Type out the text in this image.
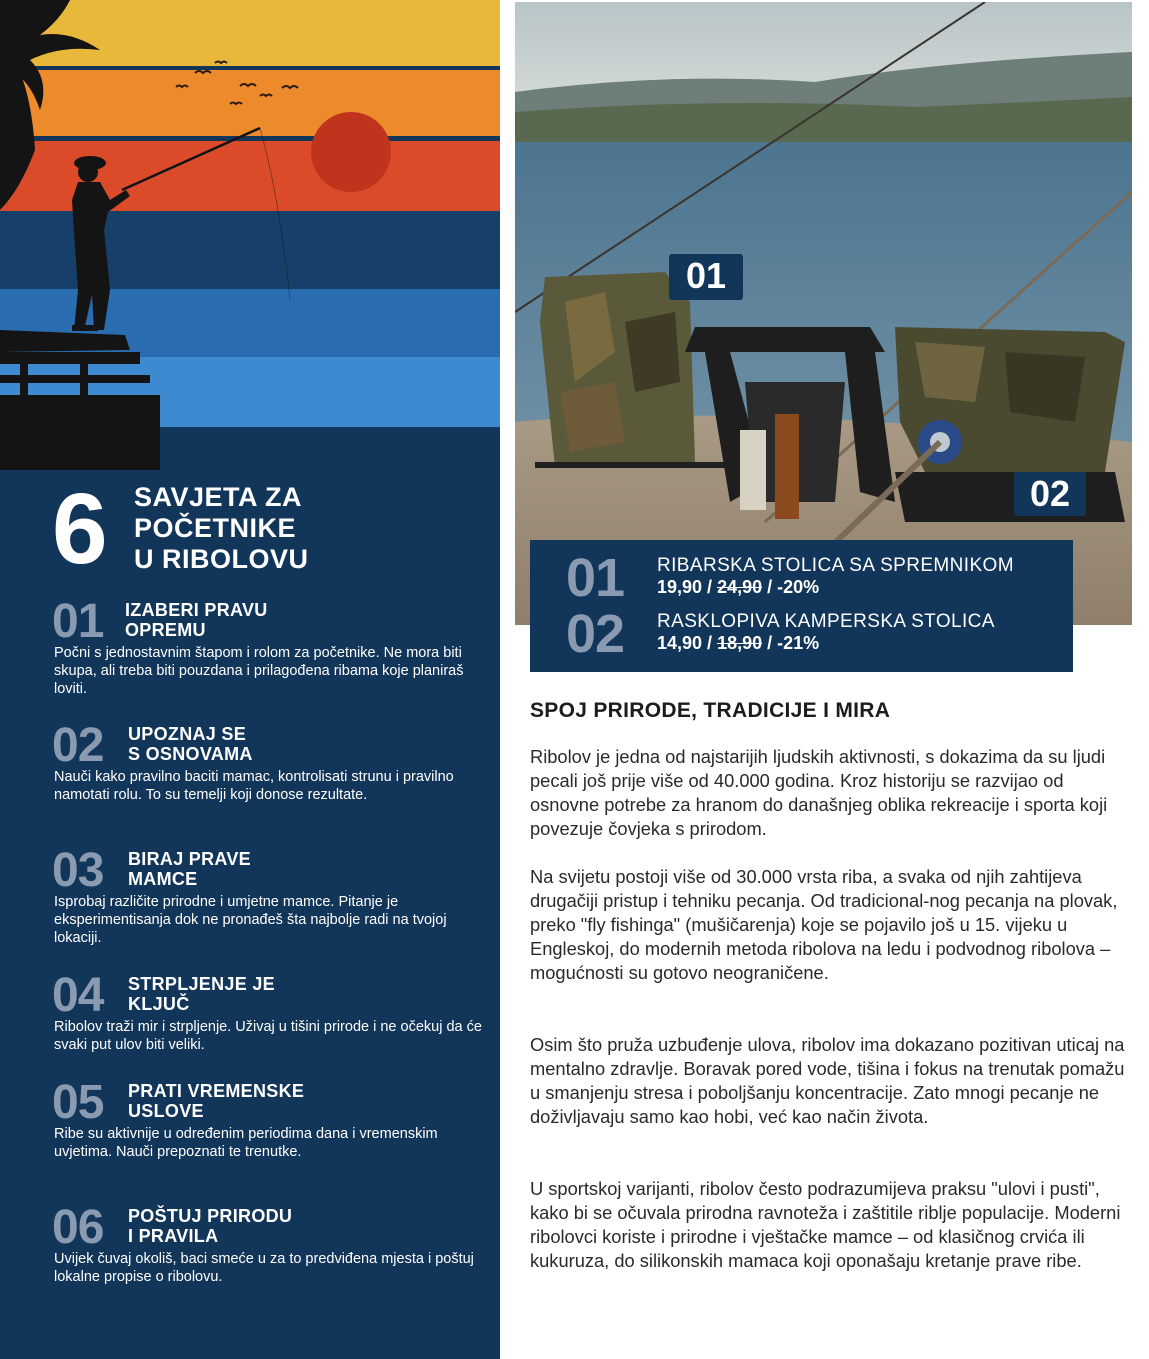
6 SAVJETA ZA
POČETNIKE
U RIBOLOVU
01 IZABERI PRAVU
OPREMU
Počni s jednostavnim štapom i rolom za početnike. Ne mora biti skupa, ali treba biti pouzdana i prilagođena ribama koje planiraš loviti.
02 UPOZNAJ SE
S OSNOVAMA
Nauči kako pravilno baciti mamac, kontrolisati strunu i pravilno namotati rolu. To su temelji koji donose rezultate.
03 BIRAJ PRAVE
MAMCE
Isprobaj različite prirodne i umjetne mamce. Pitanje je eksperimentisanja dok ne pronađeš šta najbolje radi na tvojoj lokaciji.
04 STRPLJENJE JE
KLJUČ
Ribolov traži mir i strpljenje. Uživaj u tišini prirode i ne očekuj da će svaki put ulov biti veliki.
05 PRATI VREMENSKE
USLOVE
Ribe su aktivnije u određenim periodima dana i vremenskim uvjetima. Nauči prepoznati te trenutke.
06 POŠTUJ PRIRODU
I PRAVILA
Uvijek čuvaj okoliš, baci smeće u za to predviđena mjesta i poštuj lokalne propise o ribolovu.
01
02
01 RIBARSKA STOLICA SA SPREMNIKOM
19,90 / 24,90 / -20%
02 RASKLOPIVA KAMPERSKA STOLICA
14,90 / 18,90 / -21%
SPOJ PRIRODE, TRADICIJE I MIRA
Ribolov je jedna od najstarijih ljudskih aktivnosti, s dokazima da su ljudi pecali još prije više od 40.000 godina. Kroz historiju se razvijao od osnovne potrebe za hranom do današnjeg oblika rekreacije i sporta koji povezuje čovjeka s prirodom.
Na svijetu postoji više od 30.000 vrsta riba, a svaka od njih zahtijeva drugačiji pristup i tehniku pecanja. Od tradicional-nog pecanja na plovak, preko "fly fishinga" (mušičarenja) koje se pojavilo još u 15. vijeku u Engleskoj, do modernih metoda ribolova na ledu i podvodnog ribolova – mogućnosti su gotovo neograničene.
Osim što pruža uzbuđenje ulova, ribolov ima dokazano pozitivan uticaj na mentalno zdravlje. Boravak pored vode, tišina i fokus na trenutak pomažu u smanjenju stresa i poboljšanju koncentracije. Zato mnogi pecanje ne doživljavaju samo kao hobi, već kao način života.
U sportskoj varijanti, ribolov često podrazumijeva praksu "ulovi i pusti", kako bi se očuvala prirodna ravnoteža i zaštitile riblje populacije. Moderni ribolovci koriste i prirodne i vještačke mamce – od klasičnog crvića ili kukuruza, do silikonskih mamaca koji oponašaju kretanje prave ribe.
